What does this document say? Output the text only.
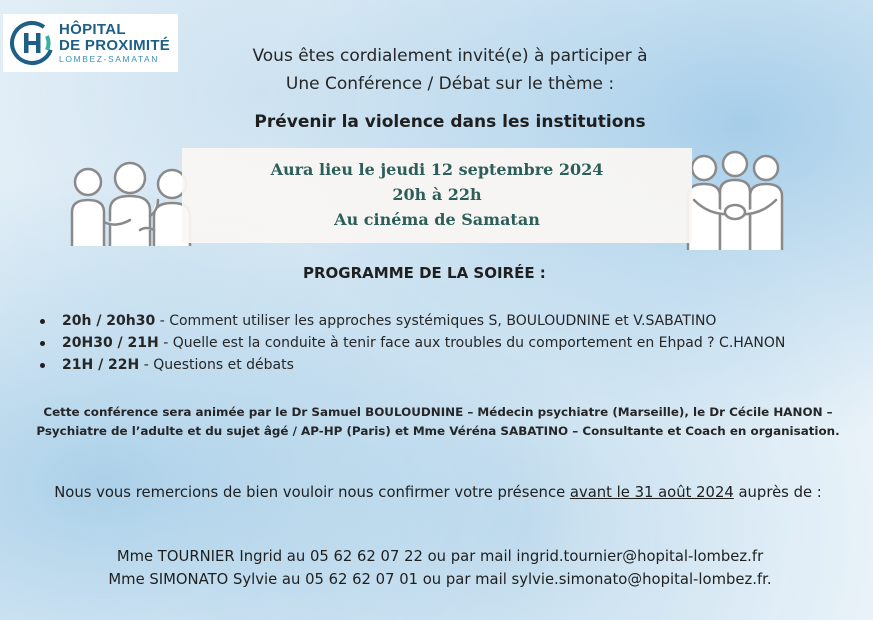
HÔPITAL
DE PROXIMITÉ
LOMBEZ-SAMATAN	Vous êtes cordialement invité(e) à participer à
Une Conférence / Débat sur le thème :
Prévenir la violence dans les institutions
Aura lieu le jeudi 12 septembre 2024
20h à 22h
Au cinéma de Samatan
PROGRAMME DE LA SOIRÉE :
20h / 20h30 - Comment utiliser les approches systémiques S, BOULOUDNINE et V.SABATINO
20H30 / 21H - Quelle est la conduite à tenir face aux troubles du comportement en Ehpad ? C.HANON
21H / 22H - Questions et débats
Cette conférence sera animée par le Dr Samuel BOULOUDNINE – Médecin psychiatre (Marseille), le Dr Cécile HANON – Psychiatre de l’adulte et du sujet âgé / AP-HP (Paris) et Mme Véréna SABATINO – Consultante et Coach en organisation.
Nous vous remercions de bien vouloir nous confirmer votre présence avant le 31 août 2024 auprès de :
Mme TOURNIER Ingrid au 05 62 62 07 22 ou par mail ingrid.tournier@hopital-lombez.fr
Mme SIMONATO Sylvie au 05 62 62 07 01 ou par mail sylvie.simonato@hopital-lombez.fr.
